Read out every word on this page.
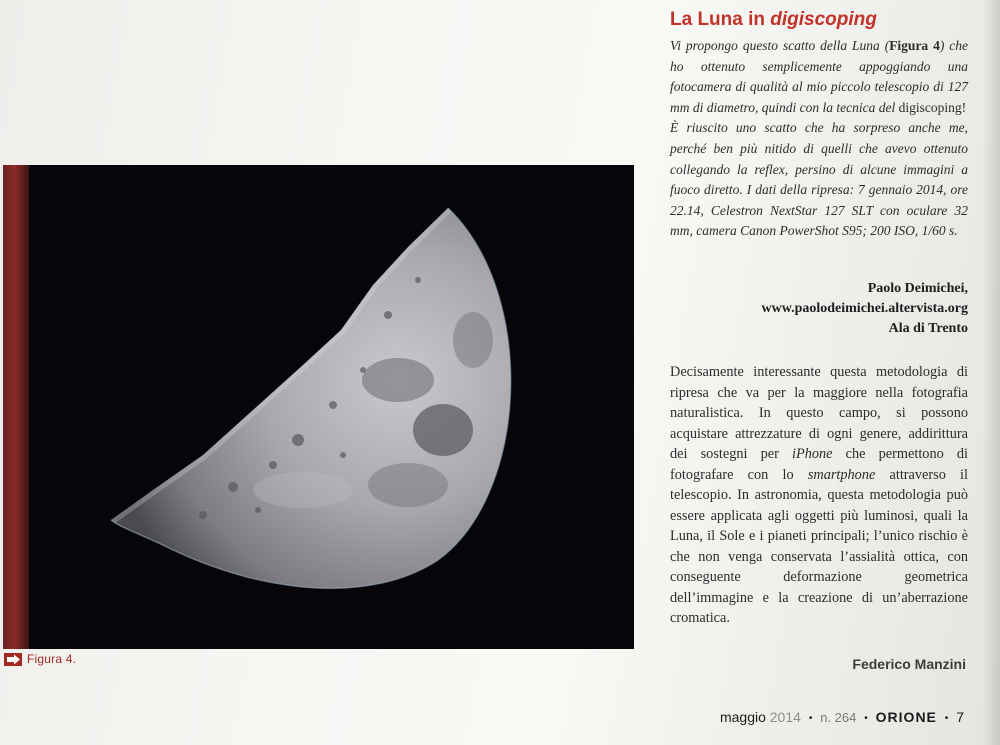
La Luna in digiscoping

Vi propongo questo scatto della Luna (Figura 4) che ho ottenuto semplicemente appoggiando una fotocamera di qualità al mio piccolo telescopio di 127 mm di diametro, quindi con la tecnica del digiscoping!

È riuscito uno scatto che ha sorpreso anche me, perché ben più nitido di quelli che avevo ottenuto collegando la reflex, persino di alcune immagini a fuoco diretto. I dati della ripresa: 7 gennaio 2014, ore 22.14, Celestron NextStar 127 SLT con oculare 32 mm, camera Canon PowerShot S95; 200 ISO, 1/60 s.

Paolo Deimichei,
www.paolodeimichei.altervista.org
Ala di Trento

Decisamente interessante questa metodologia di ripresa che va per la maggiore nella fotografia naturalistica. In questo campo, si possono acquistare attrezzature di ogni genere, addirittura dei sostegni per iPhone che permettono di fotografare con lo smartphone attraverso il telescopio. In astronomia, questa metodologia può essere applicata agli oggetti più luminosi, quali la Luna, il Sole e i pianeti principali; l’unico rischio è che non venga conservata l’assialità ottica, con conseguente deformazione geometrica dell’immagine e la creazione di un’aberrazione cromatica.

Federico Manzini
Figura 4.
maggio 2014 • n. 264 • ORIONE • 7
